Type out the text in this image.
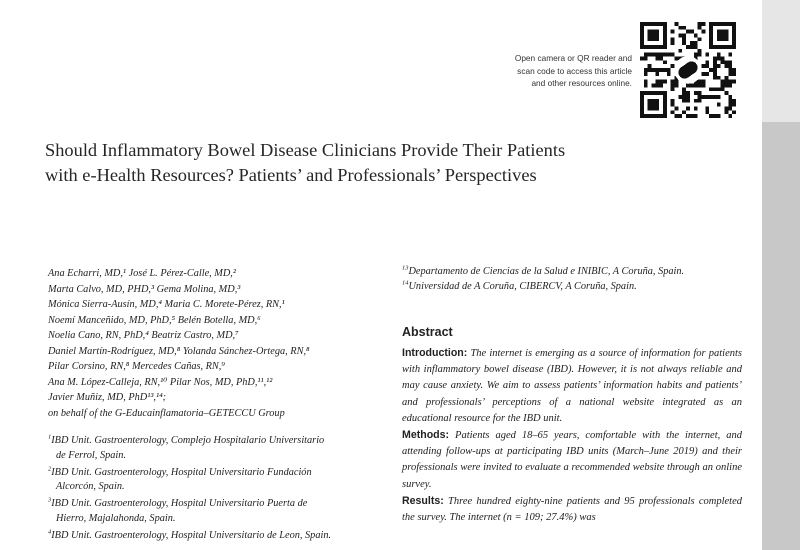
Open camera or QR reader and
scan code to access this article
and other resources online.
Should Inflammatory Bowel Disease Clinicians Provide Their Patients
with e-Health Resources? Patients’ and Professionals’ Perspectives
Ana Echarri, MD,¹ José L. Pérez-Calle, MD,²
Marta Calvo, MD, PHD,³ Gema Molina, MD,³
Mónica Sierra-Ausín, MD,⁴ Maria C. Morete-Pérez, RN,¹
Noemí Manceñido, MD, PhD,⁵ Belén Botella, MD,⁶
Noelia Cano, RN, PhD,⁴ Beatriz Castro, MD,⁷
Daniel Martín-Rodríguez, MD,⁸ Yolanda Sánchez-Ortega, RN,⁸
Pilar Corsino, RN,⁸ Mercedes Cañas, RN,⁹
Ana M. López-Calleja, RN,¹⁰ Pilar Nos, MD, PhD,¹¹,¹²
Javier Muñiz, MD, PhD¹³,¹⁴;
on behalf of the G-Educainflamatoria–GETECCU Group
$^1$IBD Unit. Gastroenterology, Complejo Hospitalario Universitario
de Ferrol, Spain.
$^2$IBD Unit. Gastroenterology, Hospital Universitario Fundación
Alcorcón, Spain.
$^3$IBD Unit. Gastroenterology, Hospital Universitario Puerta de
Hierro, Majalahonda, Spain.
$^4$IBD Unit. Gastroenterology, Hospital Universitario de Leon, Spain.
$^{13}$Departamento de Ciencias de la Salud e INIBIC, A Coruña, Spain.
$^{14}$Universidad de A Coruña, CIBERCV, A Coruña, Spain.
Abstract
Introduction: The internet is emerging as a source of information for patients with inflammatory bowel disease (IBD). However, it is not always reliable and may cause anxiety. We aim to assess patients’ information habits and patients’ and professionals’ perceptions of a national website integrated as an educational resource for the IBD unit.
Methods: Patients aged 18–65 years, comfortable with the internet, and attending follow-ups at participating IBD units (March–June 2019) and their professionals were invited to evaluate a recommended website through an online survey.
Results: Three hundred eighty-nine patients and 95 professionals completed the survey. The internet (n = 109; 27.4%) was
